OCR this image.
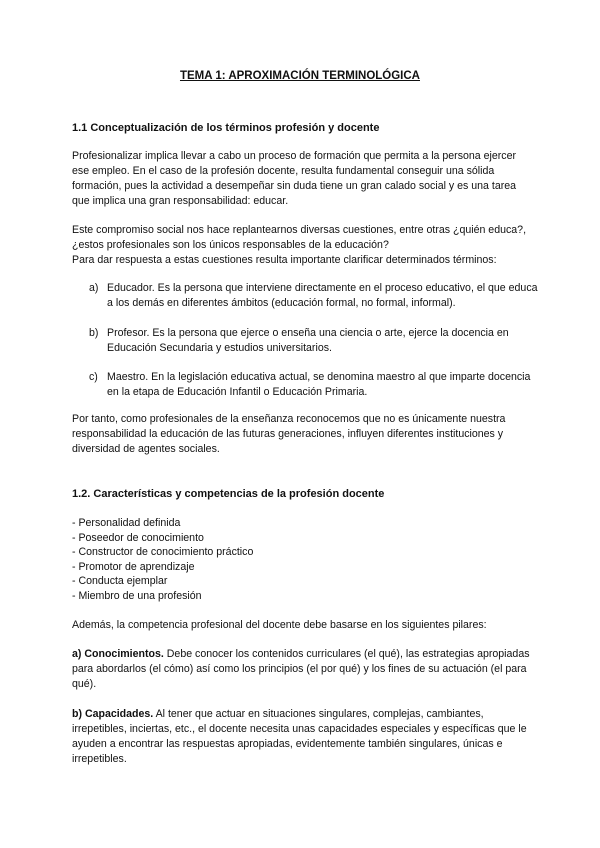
TEMA 1: APROXIMACIÓN TERMINOLÓGICA
1.1 Conceptualización de los términos profesión y docente

Profesionalizar implica llevar a cabo un proceso de formación que permita a la persona ejercer ese empleo. En el caso de la profesión docente, resulta fundamental conseguir una sólida formación, pues la actividad a desempeñar sin duda tiene un gran calado social y es una tarea que implica una gran responsabilidad: educar.

Este compromiso social nos hace replantearnos diversas cuestiones, entre otras ¿quién educa?, ¿estos profesionales son los únicos responsables de la educación?

Para dar respuesta a estas cuestiones resulta importante clarificar determinados términos:

a) Educador. Es la persona que interviene directamente en el proceso educativo, el que educa a los demás en diferentes ámbitos (educación formal, no formal, informal).
b) Profesor. Es la persona que ejerce o enseña una ciencia o arte, ejerce la docencia en Educación Secundaria y estudios universitarios.
c) Maestro. En la legislación educativa actual, se denomina maestro al que imparte docencia en la etapa de Educación Infantil o Educación Primaria.

Por tanto, como profesionales de la enseñanza reconocemos que no es únicamente nuestra responsabilidad la educación de las futuras generaciones, influyen diferentes instituciones y diversidad de agentes sociales.

1.2. Características y competencias de la profesión docente
- Personalidad definida
- Poseedor de conocimiento
- Constructor de conocimiento práctico
- Promotor de aprendizaje
- Conducta ejemplar
- Miembro de una profesión

Además, la competencia profesional del docente debe basarse en los siguientes pilares:

a) Conocimientos. Debe conocer los contenidos curriculares (el qué), las estrategias apropiadas para abordarlos (el cómo) así como los principios (el por qué) y los fines de su actuación (el para qué).

b) Capacidades. Al tener que actuar en situaciones singulares, complejas, cambiantes, irrepetibles, inciertas, etc., el docente necesita unas capacidades especiales y específicas que le ayuden a encontrar las respuestas apropiadas, evidentemente también singulares, únicas e irrepetibles.
